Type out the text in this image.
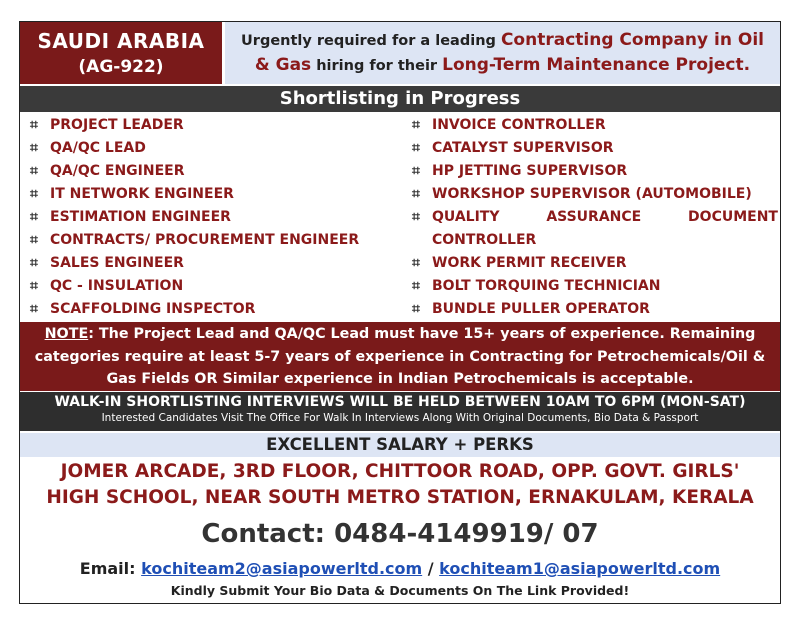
SAUDI ARABIA
(AG-922)
Urgently required for a leading Contracting Company in Oil
& Gas hiring for their Long-Term Maintenance Project.
Shortlisting in Progress
⌗ PROJECT LEADER
⌗ QA/QC LEAD
⌗ QA/QC ENGINEER
⌗ IT NETWORK ENGINEER
⌗ ESTIMATION ENGINEER
⌗ CONTRACTS/ PROCUREMENT ENGINEER
⌗ SALES ENGINEER
⌗ QC - INSULATION
⌗ SCAFFOLDING INSPECTOR
⌗ INVOICE CONTROLLER
⌗ CATALYST SUPERVISOR
⌗ HP JETTING SUPERVISOR
⌗ WORKSHOP SUPERVISOR (AUTOMOBILE)
⌗ QUALITY	ASSURANCE	DOCUMENT
CONTROLLER
⌗ WORK PERMIT RECEIVER
⌗ BOLT TORQUING TECHNICIAN
⌗ BUNDLE PULLER OPERATOR
NOTE: The Project Lead and QA/QC Lead must have 15+ years of experience. Remaining
categories require at least 5-7 years of experience in Contracting for Petrochemicals/Oil &
Gas Fields OR Similar experience in Indian Petrochemicals is acceptable.
WALK-IN SHORTLISTING INTERVIEWS WILL BE HELD BETWEEN 10AM TO 6PM (MON-SAT)
Interested Candidates Visit The Office For Walk In Interviews Along With Original Documents, Bio Data & Passport
EXCELLENT SALARY + PERKS
JOMER ARCADE, 3RD FLOOR, CHITTOOR ROAD, OPP. GOVT. GIRLS'
HIGH SCHOOL, NEAR SOUTH METRO STATION, ERNAKULAM, KERALA
Contact: 0484-4149919/ 07
Email: kochiteam2@asiapowerltd.com / kochiteam1@asiapowerltd.com
Kindly Submit Your Bio Data & Documents On The Link Provided!
